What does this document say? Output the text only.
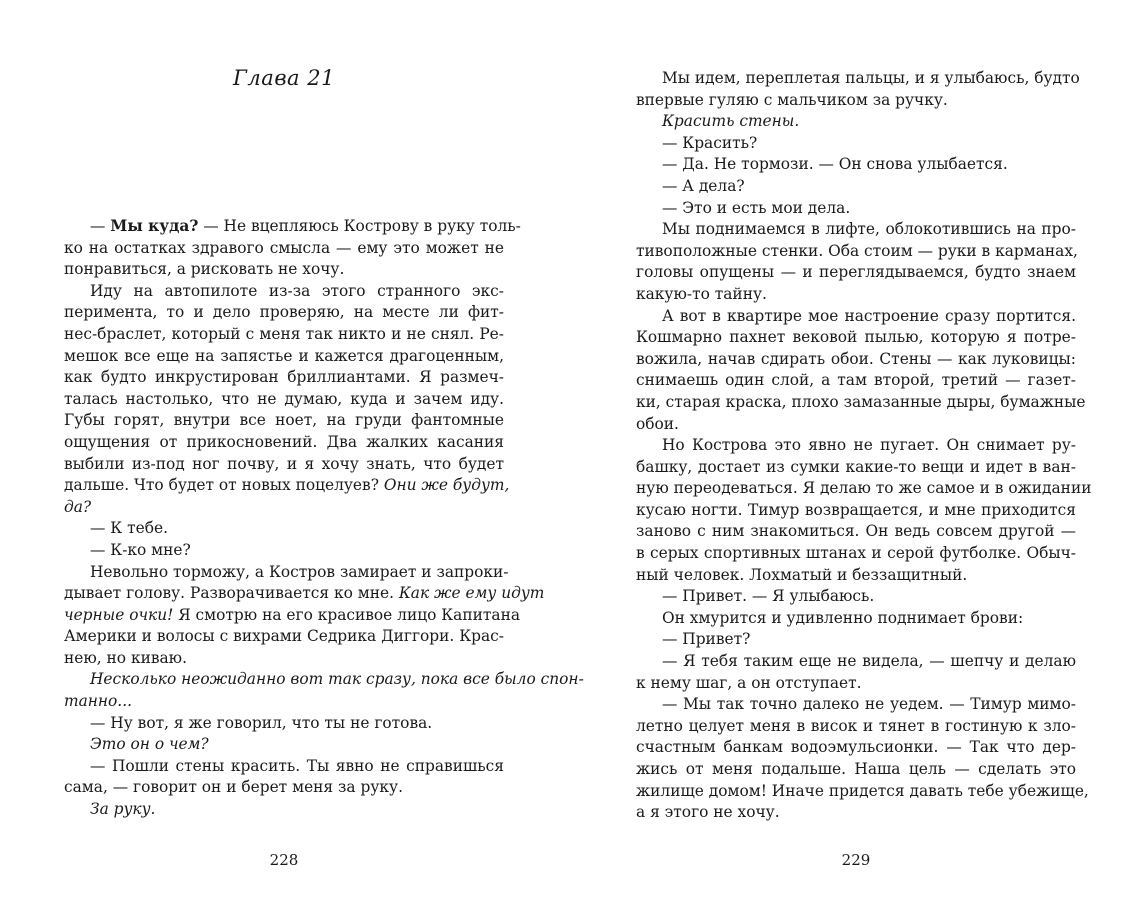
Глава 21
— Мы куда? — Не вцепляюсь Кострову в руку толь-
ко на остатках здравого смысла — ему это может не
понравиться, а рисковать не хочу.
Иду на автопилоте из-за этого странного экс-
перимента, то и дело проверяю, на месте ли фит-
нес-браслет, который с меня так никто и не снял. Ре-
мешок все еще на запястье и кажется драгоценным,
как будто инкрустирован бриллиантами. Я размеч-
талась настолько, что не думаю, куда и зачем иду.
Губы горят, внутри все ноет, на груди фантомные
ощущения от прикосновений. Два жалких касания
выбили из-под ног почву, и я хочу знать, что будет
дальше. Что будет от новых поцелуев? Они же будут,
да?
— К тебе.
— К-ко мне?
Невольно торможу, а Костров замирает и запроки-
дывает голову. Разворачивается ко мне. Как же ему идут
черные очки! Я смотрю на его красивое лицо Капитана
Америки и волосы с вихрами Седрика Диггори. Крас-
нею, но киваю.
Несколько неожиданно вот так сразу, пока все было спон-
танно...
— Ну вот, я же говорил, что ты не готова.
Это он о чем?
— Пошли стены красить. Ты явно не справишься
сама, — говорит он и берет меня за руку.
За руку.
228
Мы идем, переплетая пальцы, и я улыбаюсь, будто
впервые гуляю с мальчиком за ручку.
Красить стены.
— Красить?
— Да. Не тормози. — Он снова улыбается.
— А дела?
— Это и есть мои дела.
Мы поднимаемся в лифте, облокотившись на про-
тивоположные стенки. Оба стоим — руки в карманах,
головы опущены — и переглядываемся, будто знаем
какую-то тайну.
А вот в квартире мое настроение сразу портится.
Кошмарно пахнет вековой пылью, которую я потре-
вожила, начав сдирать обои. Стены — как луковицы:
снимаешь один слой, а там второй, третий — газет-
ки, старая краска, плохо замазанные дыры, бумажные
обои.
Но Кострова это явно не пугает. Он снимает ру-
башку, достает из сумки какие-то вещи и идет в ван-
ную переодеваться. Я делаю то же самое и в ожидании
кусаю ногти. Тимур возвращается, и мне приходится
заново с ним знакомиться. Он ведь совсем другой —
в серых спортивных штанах и серой футболке. Обыч-
ный человек. Лохматый и беззащитный.
— Привет. — Я улыбаюсь.
Он хмурится и удивленно поднимает брови:
— Привет?
— Я тебя таким еще не видела, — шепчу и делаю
к нему шаг, а он отступает.
— Мы так точно далеко не уедем. — Тимур мимо-
летно целует меня в висок и тянет в гостиную к зло-
счастным банкам водоэмульсионки. — Так что дер-
жись от меня подальше. Наша цель — сделать это
жилище домом! Иначе придется давать тебе убежище,
а я этого не хочу.
229
